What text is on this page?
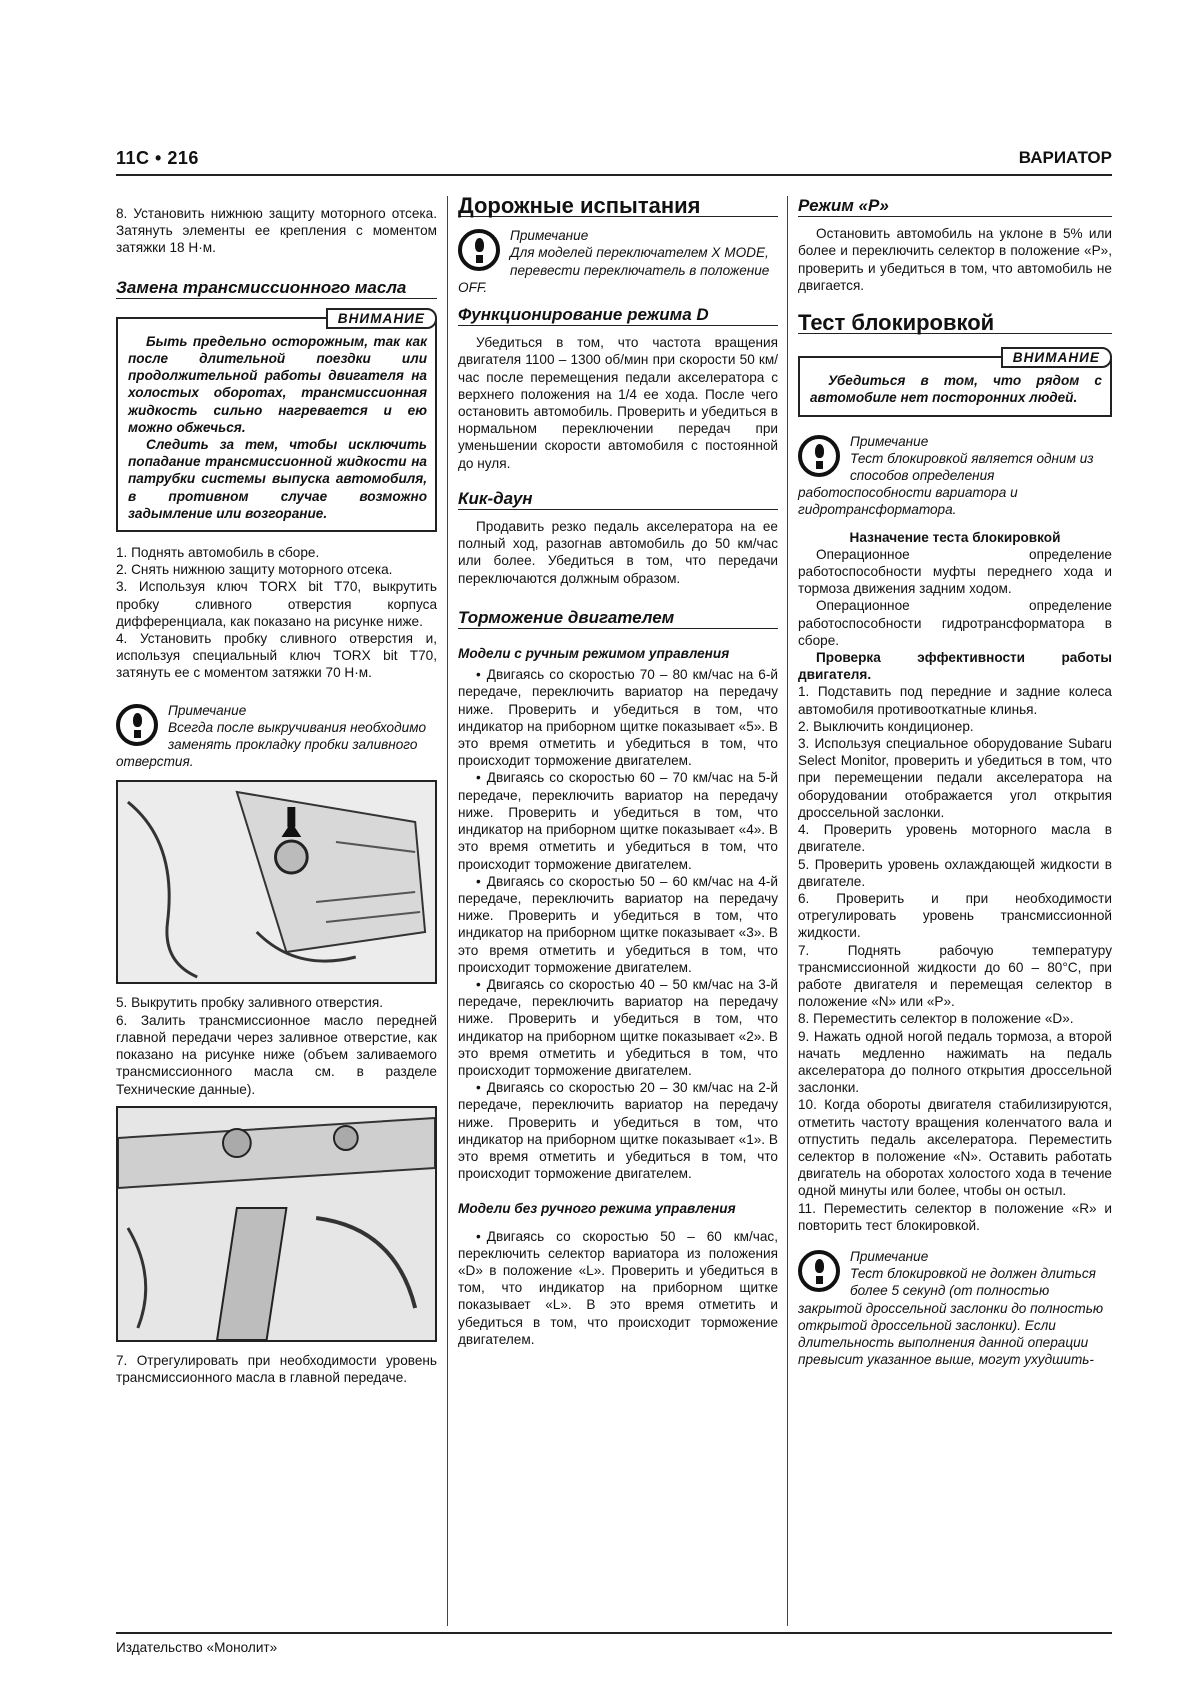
11C • 216	ВАРИАТОР

8. Установить нижнюю защиту моторного отсека. Затянуть элементы ее крепления с моментом затяжки 18 Н·м.

Замена трансмиссионного масла
ВНИМАНИЕ

Быть предельно осторожным, так как после длительной поездки или продолжительной работы двигателя на холостых оборотах, трансмиссионная жидкость сильно нагревается и ею можно обжечься.

Следить за тем, чтобы исключить попадание трансмиссионной жидкости на патрубки системы выпуска автомобиля, в противном случае возможно задымление или возгорание.

1. Поднять автомобиль в сборе.

2. Снять нижнюю защиту моторного отсека.

3. Используя ключ TORX bit T70, выкрутить пробку сливного отверстия корпуса дифференциала, как показано на рисунке ниже.

4. Установить пробку сливного отверстия и, используя специальный ключ TORX bit T70, затянуть ее с моментом затяжки 70 Н·м.

Примечание
Всегда после выкручивания необходимо заменять прокладку пробки заливного отверстия.

5. Выкрутить пробку заливного отверстия.

6. Залить трансмиссионное масло передней главной передачи через заливное отверстие, как показано на рисунке ниже (объем заливаемого трансмиссионного масла см. в разделе Технические данные).

7. Отрегулировать при необходимости уровень трансмиссионного масла в главной передаче.

Дорожные испытания
Примечание
Для моделей переключателем X MODE, перевести переключатель в положение OFF.
Функционирование режима D

Убедиться в том, что частота вращения двигателя 1100 – 1300 об/мин при скорости 50 км/час после перемещения педали акселератора с верхнего положения на 1/4 ее хода. После чего остановить автомобиль. Проверить и убедиться в нормальном переключении передач при уменьшении скорости автомобиля с постоянной до нуля.

Кик-даун

Продавить резко педаль акселератора на ее полный ход, разогнав автомобиль до 50 км/час или более. Убедиться в том, что передачи переключаются должным образом.

Торможение двигателем
Модели с ручным режимом управления

• Двигаясь со скоростью 70 – 80 км/час на 6-й передаче, переключить вариатор на передачу ниже. Проверить и убедиться в том, что индикатор на приборном щитке показывает «5». В это время отметить и убедиться в том, что происходит торможение двигателем.

• Двигаясь со скоростью 60 – 70 км/час на 5-й передаче, переключить вариатор на передачу ниже. Проверить и убедиться в том, что индикатор на приборном щитке показывает «4». В это время отметить и убедиться в том, что происходит торможение двигателем.

• Двигаясь со скоростью 50 – 60 км/час на 4-й передаче, переключить вариатор на передачу ниже. Проверить и убедиться в том, что индикатор на приборном щитке показывает «3». В это время отметить и убедиться в том, что происходит торможение двигателем.

• Двигаясь со скоростью 40 – 50 км/час на 3-й передаче, переключить вариатор на передачу ниже. Проверить и убедиться в том, что индикатор на приборном щитке показывает «2». В это время отметить и убедиться в том, что происходит торможение двигателем.

• Двигаясь со скоростью 20 – 30 км/час на 2-й передаче, переключить вариатор на передачу ниже. Проверить и убедиться в том, что индикатор на приборном щитке показывает «1». В это время отметить и убедиться в том, что происходит торможение двигателем.

Модели без ручного режима управления

• Двигаясь со скоростью 50 – 60 км/час, переключить селектор вариатора из положения «D» в положение «L». Проверить и убедиться в том, что индикатор на приборном щитке показывает «L». В это время отметить и убедиться в том, что происходит торможение двигателем.

Режим «P»

Остановить автомобиль на уклоне в 5% или более и переключить селектор в положение «P», проверить и убедиться в том, что автомобиль не двигается.

Тест блокировкой
ВНИМАНИЕ

Убедиться в том, что рядом с автомобиле нет посторонних людей.

Примечание
Тест блокировкой является одним из способов определения работоспособности вариатора и гидротрансформатора.

Назначение теста блокировкой

Операционное определение работоспособности муфты переднего хода и тормоза движения задним ходом.

Операционное определение работоспособности гидротрансформатора в сборе.

Проверка эффективности работы двигателя.

1. Подставить под передние и задние колеса автомобиля противооткатные клинья.

2. Выключить кондиционер.

3. Используя специальное оборудование Subaru Select Monitor, проверить и убедиться в том, что при перемещении педали акселератора на оборудовании отображается угол открытия дроссельной заслонки.

4. Проверить уровень моторного масла в двигателе.

5. Проверить уровень охлаждающей жидкости в двигателе.

6. Проверить и при необходимости отрегулировать уровень трансмиссионной жидкости.

7. Поднять рабочую температуру трансмиссионной жидкости до 60 – 80°С, при работе двигателя и перемещая селектор в положение «N» или «P».

8. Переместить селектор в положение «D».

9. Нажать одной ногой педаль тормоза, а второй начать медленно нажимать на педаль акселератора до полного открытия дроссельной заслонки.

10. Когда обороты двигателя стабилизируются, отметить частоту вращения коленчатого вала и отпустить педаль акселератора. Переместить селектор в положение «N». Оставить работать двигатель на оборотах холостого хода в течение одной минуты или более, чтобы он остыл.

11. Переместить селектор в положение «R» и повторить тест блокировкой.

Примечание
Тест блокировкой не должен длиться более 5 секунд (от полностью закрытой дроссельной заслонки до полностью открытой дроссельной заслонки). Если длительность выполнения данной операции превысит указанное выше, могут ухудшить-
Издательство «Монолит»
